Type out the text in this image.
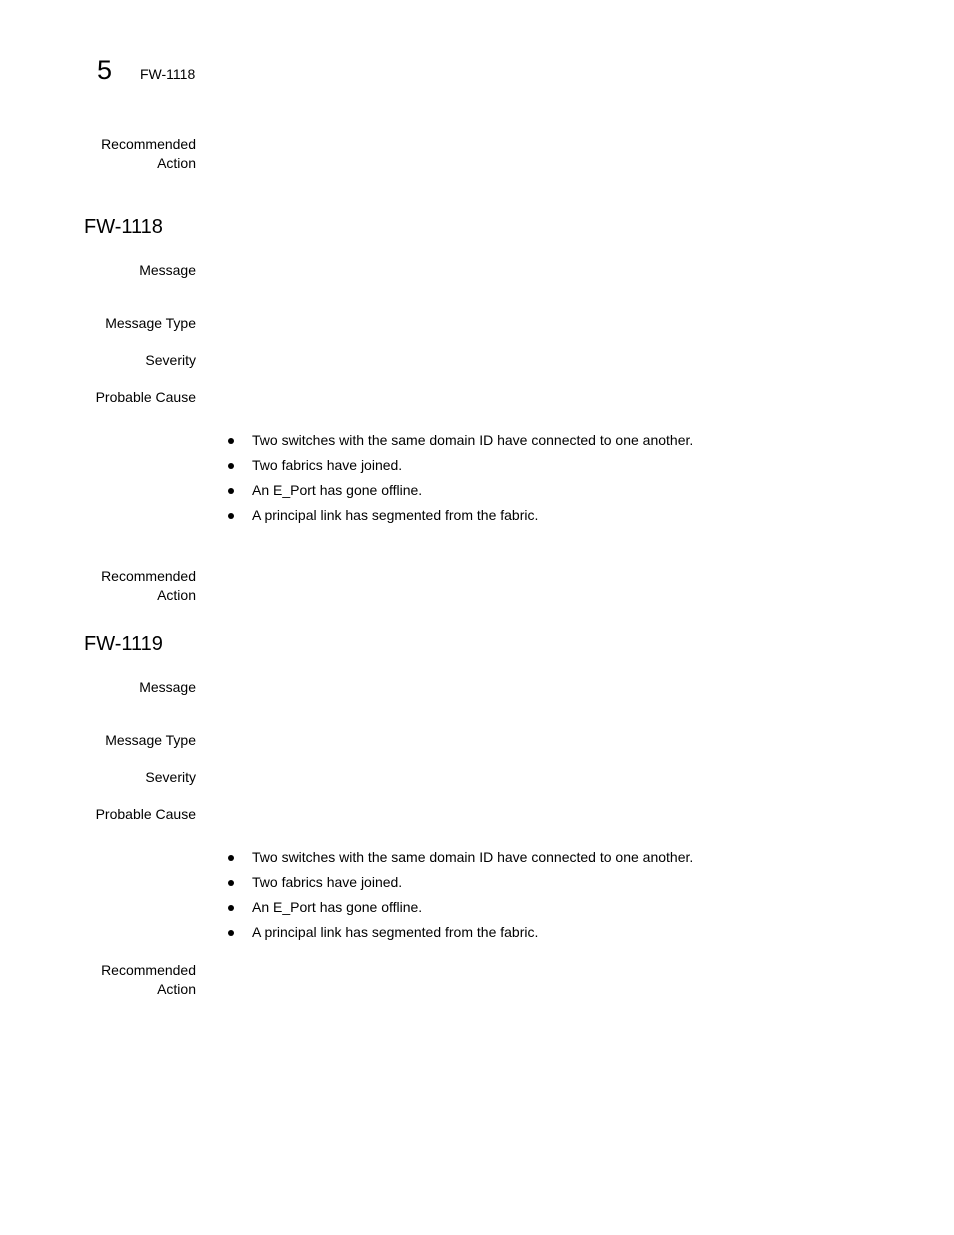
5 FW-1118
Recommended
Action
FW-1118
Message
Message Type
Severity
Probable Cause
Two switches with the same domain ID have connected to one another.
Two fabrics have joined.
An E_Port has gone offline.
A principal link has segmented from the fabric.
Recommended
Action
FW-1119
Message
Message Type
Severity
Probable Cause
Two switches with the same domain ID have connected to one another.
Two fabrics have joined.
An E_Port has gone offline.
A principal link has segmented from the fabric.
Recommended
Action
